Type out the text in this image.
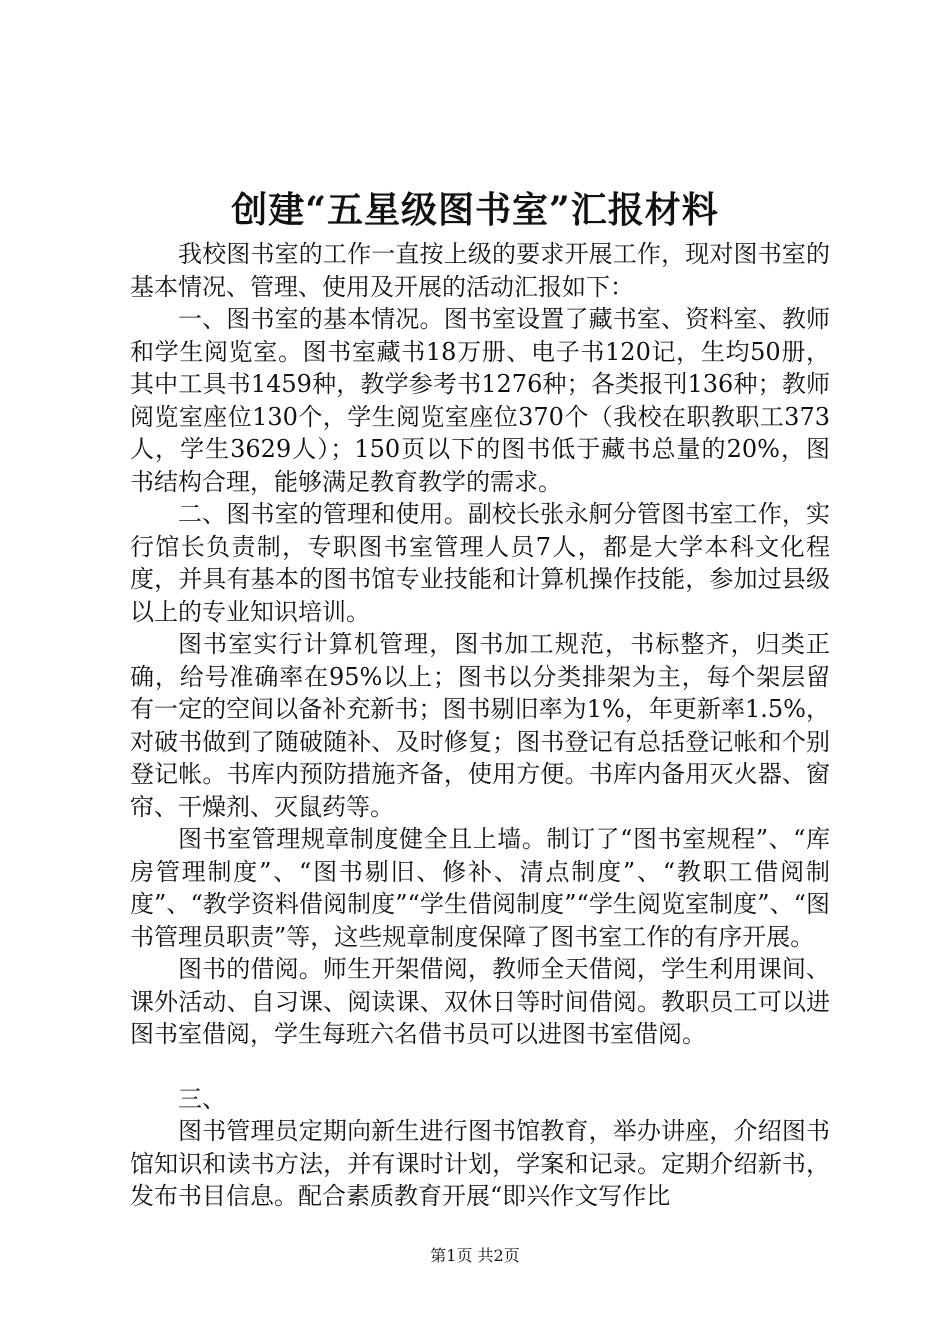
创建“五星级图书室”汇报材料

我校图书室的工作一直按上级的要求开展工作，现对图书室的基本情况、管理、使用及开展的活动汇报如下：

一、图书室的基本情况。图书室设置了藏书室、资料室、教师和学生阅览室。图书室藏书18万册、电子书120记，生均50册，其中工具书1459种，教学参考书1276种；各类报刊136种；教师阅览室座位130个，学生阅览室座位370个（我校在职教职工373人，学生3629人）；150页以下的图书低于藏书总量的20%，图书结构合理，能够满足教育教学的需求。

二、图书室的管理和使用。副校长张永舸分管图书室工作，实行馆长负责制，专职图书室管理人员7人，都是大学本科文化程度，并具有基本的图书馆专业技能和计算机操作技能，参加过县级以上的专业知识培训。

图书室实行计算机管理，图书加工规范，书标整齐，归类正确，给号准确率在95%以上；图书以分类排架为主，每个架层留有一定的空间以备补充新书；图书剔旧率为1%，年更新率1.5%，对破书做到了随破随补、及时修复；图书登记有总括登记帐和个别登记帐。书库内预防措施齐备，使用方便。书库内备用灭火器、窗帘、干燥剂、灭鼠药等。

图书室管理规章制度健全且上墙。制订了“图书室规程”、“库房管理制度”、“图书剔旧、修补、清点制度”、“教职工借阅制度”、“教学资料借阅制度”“学生借阅制度”“学生阅览室制度”、“图书管理员职责”等，这些规章制度保障了图书室工作的有序开展。

图书的借阅。师生开架借阅，教师全天借阅，学生利用课间、课外活动、自习课、阅读课、双休日等时间借阅。教职员工可以进图书室借阅，学生每班六名借书员可以进图书室借阅。

三、

图书管理员定期向新生进行图书馆教育，举办讲座，介绍图书馆知识和读书方法，并有课时计划，学案和记录。定期介绍新书，发布书目信息。配合素质教育开展“即兴作文写作比

第1页 共2页
